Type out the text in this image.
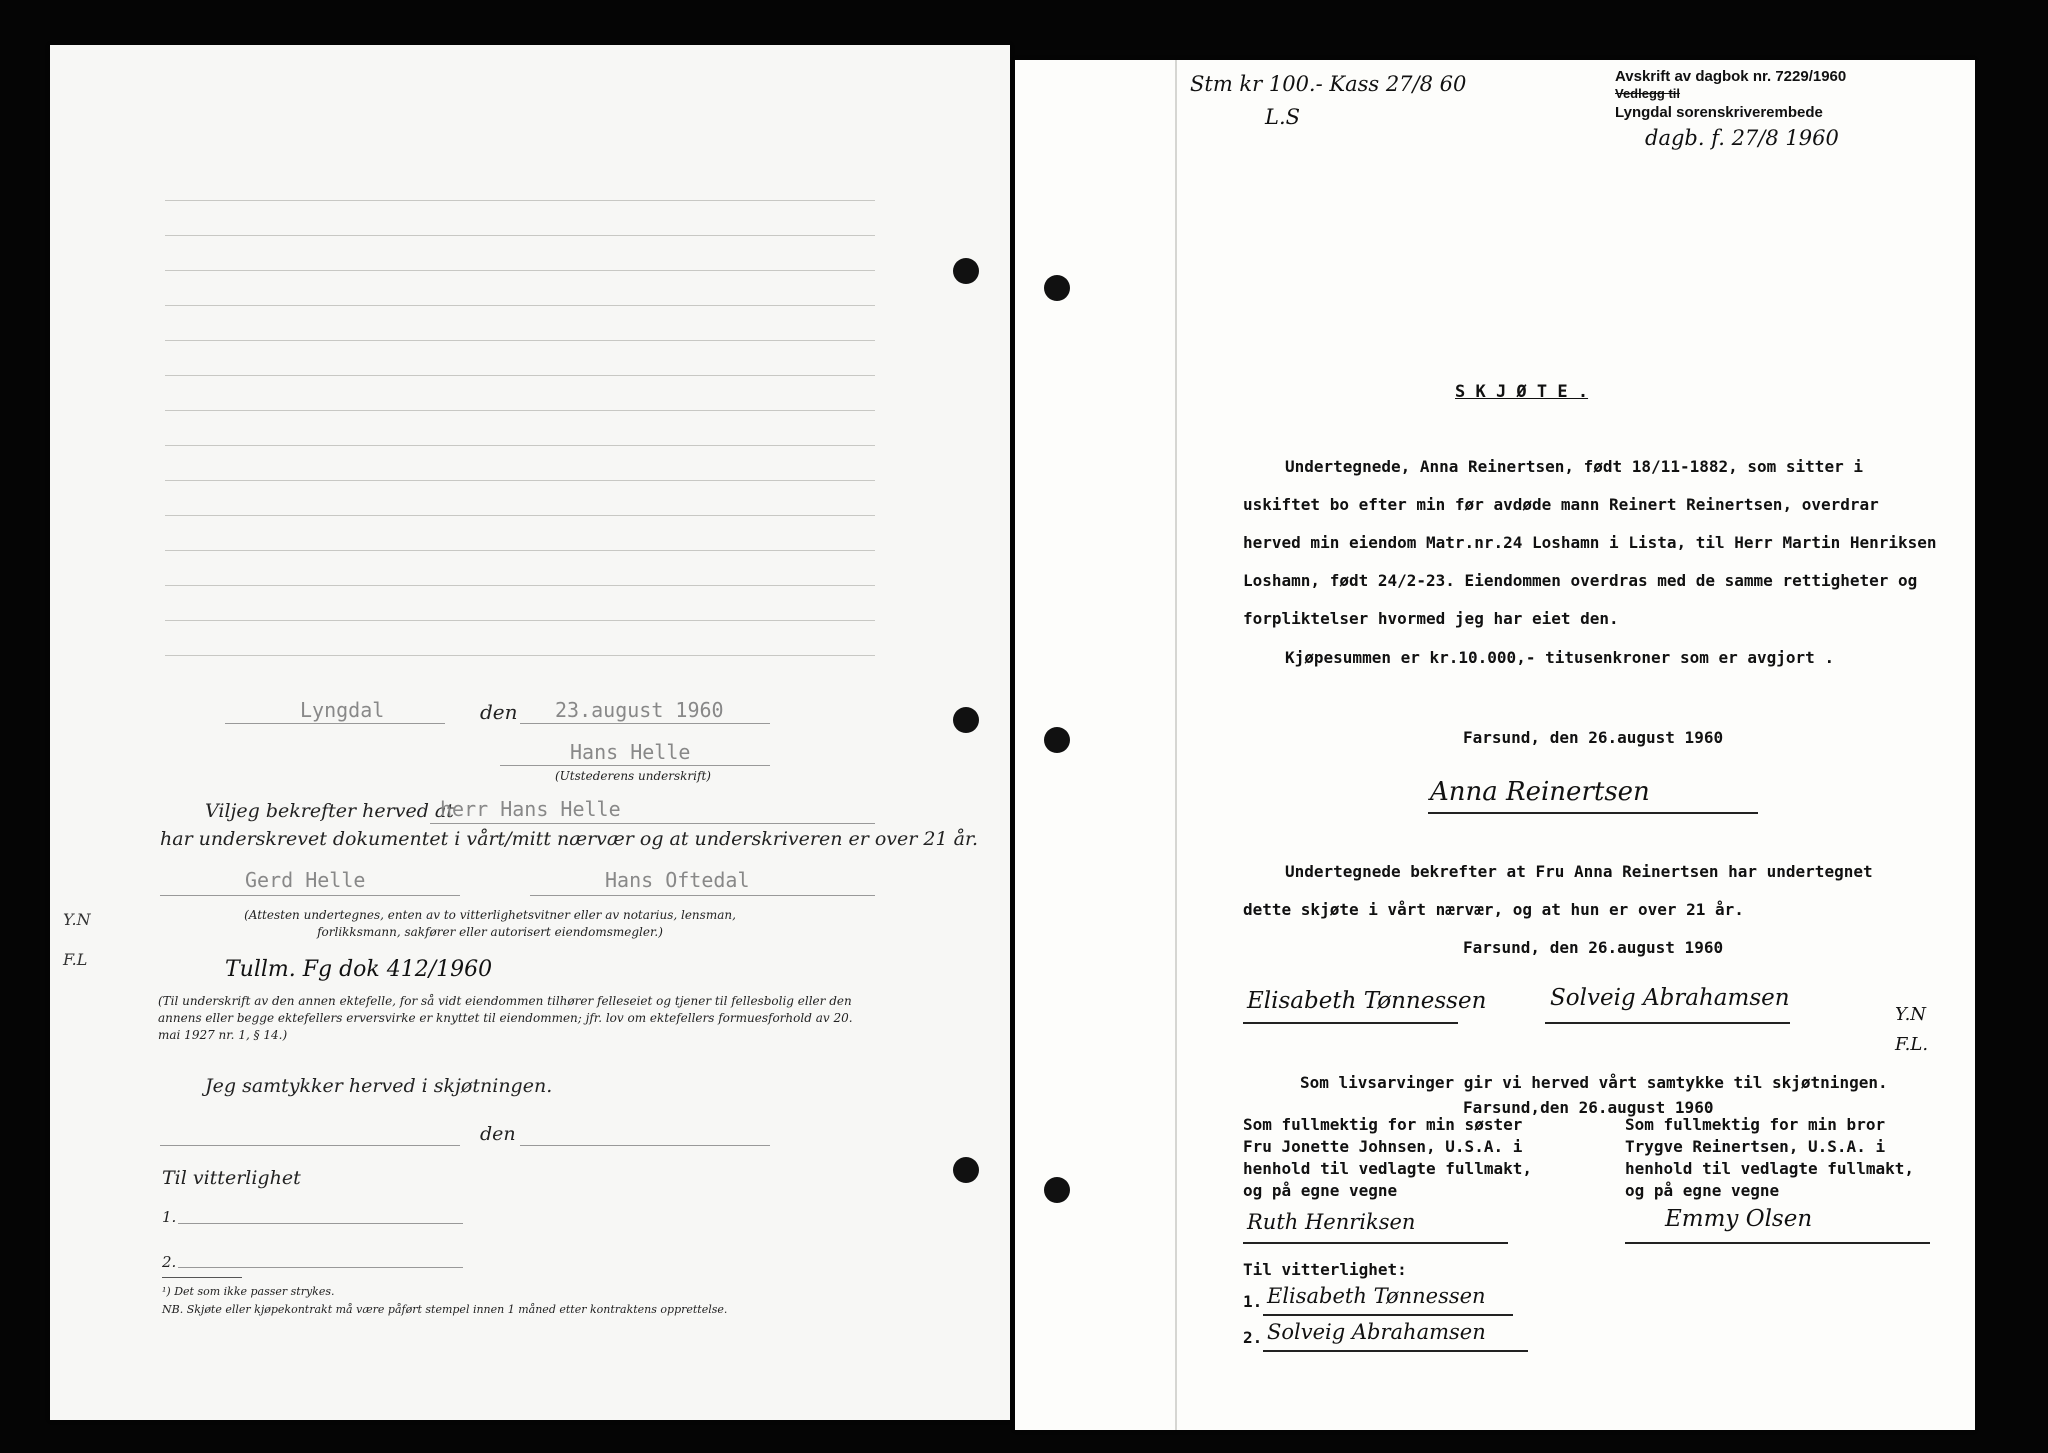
Lyngdal	den 23.august 1960
Hans Helle
(Utstederens underskrift)
Viljeg bekrefter herved at
herr Hans Helle
har underskrevet dokumentet i vårt/mitt nærvær og at underskriveren er over 21 år.
Gerd Helle	Hans Oftedal
(Attesten undertegnes, enten av to vitterlighetsvitner eller av notarius, lensman, forlikksmann, sakfører eller autorisert eiendomsmegler.)
Tullm. Fg dok 412/1960
(Til underskrift av den annen ektefelle, for så vidt eiendommen tilhører felleseiet og tjener til fellesbolig eller den annens eller begge ektefellers erversvirke er knyttet til eiendommen; jfr. lov om ektefellers formuesforhold av 20. mai 1927 nr. 1, § 14.)
Jeg samtykker herved i skjøtningen.
den
Til vitterlighet
1.
2.
¹) Det som ikke passer strykes.
NB. Skjøte eller kjøpekontrakt må være påført stempel innen 1 måned etter kontraktens opprettelse.
Y.N F.L
Stm kr 100.- Kass 27/8 60
L.S
Avskrift av dagbok nr. 7229/1960
Vedlegg til
Lyngdal sorenskriverembede
dagb. f. 27/8 1960
S K J Ø T E .
Undertegnede, Anna Reinertsen, født 18/11-1882, som sitter i
uskiftet bo efter min før avdøde mann Reinert Reinertsen, overdrar
herved min eiendom Matr.nr.24 Loshamn i Lista, til Herr Martin Henriksen
Loshamn, født 24/2-23. Eiendommen overdras med de samme rettigheter og
forpliktelser hvormed jeg har eiet den.
Kjøpesummen er kr.10.000,- titusenkroner som er avgjort .
Farsund, den 26.august 1960
Anna Reinertsen
Undertegnede bekrefter at Fru Anna Reinertsen har undertegnet
dette skjøte i vårt nærvær, og at hun er over 21 år.
Farsund, den 26.august 1960
Elisabeth Tønnessen	Solveig Abrahamsen
Y.N F.L.
Som livsarvinger gir vi herved vårt samtykke til skjøtningen.
Farsund,den 26.august 1960
Som fullmektig for min søster
Fru Jonette Johnsen, U.S.A. i
henhold til vedlagte fullmakt,
og på egne vegne
Som fullmektig for min bror
Trygve Reinertsen, U.S.A. i
henhold til vedlagte fullmakt,
og på egne vegne
Ruth Henriksen	Emmy Olsen
Til vitterlighet:
1. Elisabeth Tønnessen
2. Solveig Abrahamsen
